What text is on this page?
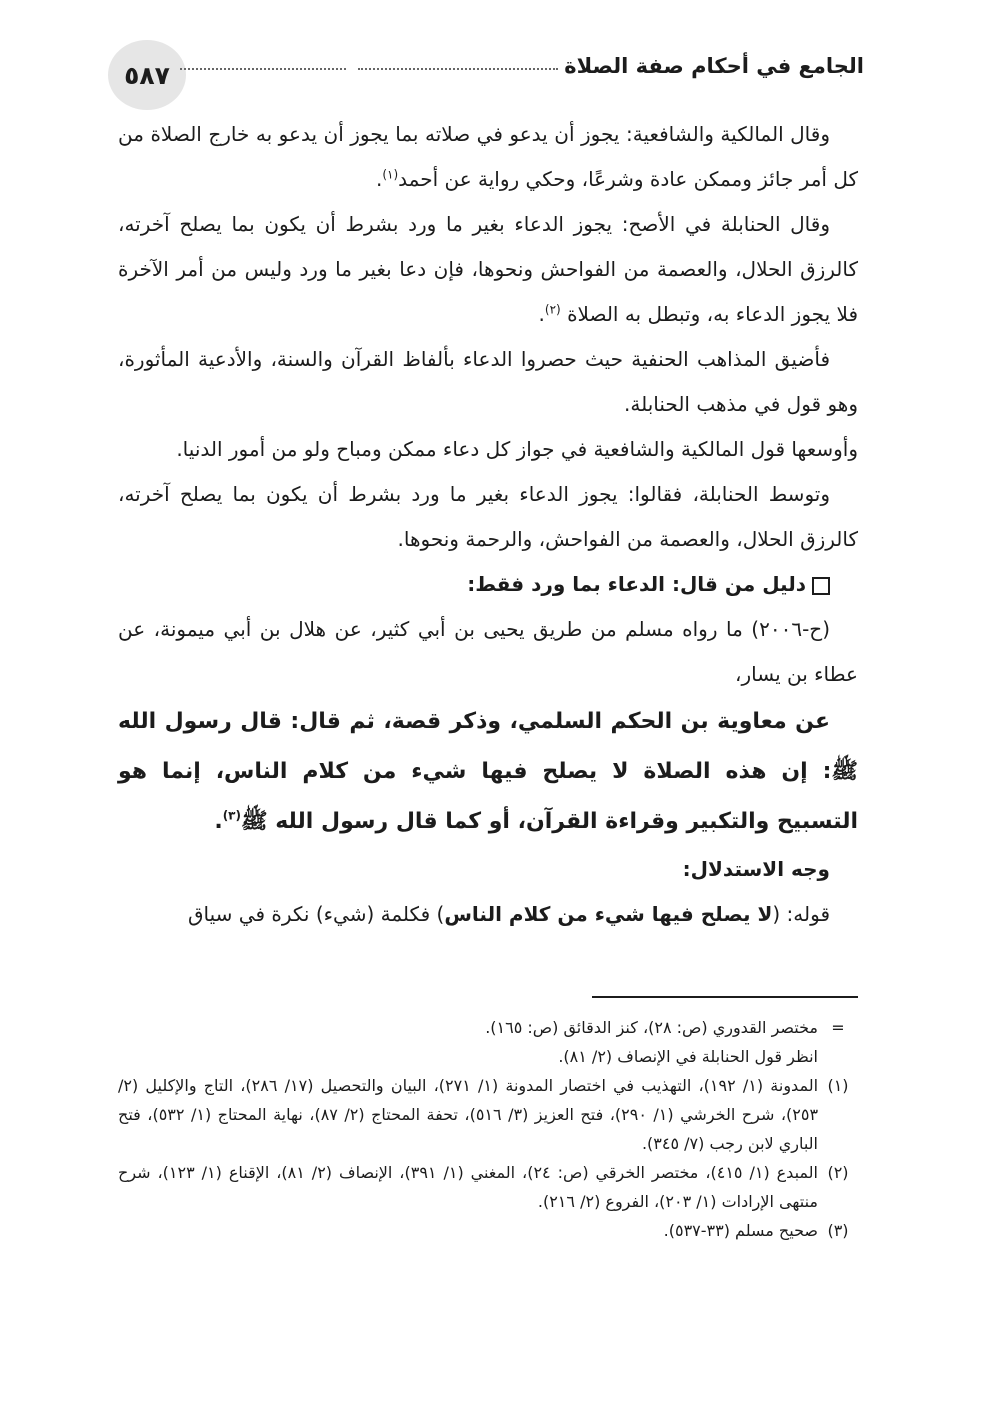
٥٨٧	الجامع في أحكام صفة الصلاة

وقال المالكية والشافعية: يجوز أن يدعو في صلاته بما يجوز أن يدعو به خارج الصلاة من كل أمر جائز وممكن عادة وشرعًا، وحكي رواية عن أحمد$^{(١)}$.

وقال الحنابلة في الأصح: يجوز الدعاء بغير ما ورد بشرط أن يكون بما يصلح آخرته، كالرزق الحلال، والعصمة من الفواحش ونحوها، فإن دعا بغير ما ورد وليس من أمر الآخرة فلا يجوز الدعاء به، وتبطل به الصلاة $^{(٢)}$.

فأضيق المذاهب الحنفية حيث حصروا الدعاء بألفاظ القرآن والسنة، والأدعية المأثورة، وهو قول في مذهب الحنابلة.

وأوسعها قول المالكية والشافعية في جواز كل دعاء ممكن ومباح ولو من أمور الدنيا.

وتوسط الحنابلة، فقالوا: يجوز الدعاء بغير ما ورد بشرط أن يكون بما يصلح آخرته، كالرزق الحلال، والعصمة من الفواحش، والرحمة ونحوها.

دليل من قال: الدعاء بما ورد فقط:

(ح-٢٠٠٦) ما رواه مسلم من طريق يحيى بن أبي كثير، عن هلال بن أبي ميمونة، عن عطاء بن يسار،

عن معاوية بن الحكم السلمي، وذكر قصة، ثم قال: قال رسول الله ﷺ: إن هذه الصلاة لا يصلح فيها شيء من كلام الناس، إنما هو التسبيح والتكبير وقراءة القرآن، أو كما قال رسول الله ﷺ$^{(٣)}$.

وجه الاستدلال:

قوله: (لا يصلح فيها شيء من كلام الناس) فكلمة (شيء) نكرة في سياق

=
مختصر القدوري (ص: ٢٨)، كنز الدقائق (ص: ١٦٥).
انظر قول الحنابلة في الإنصاف (٢/ ٨١).
(١)
المدونة (١/ ١٩٢)، التهذيب في اختصار المدونة (١/ ٢٧١)، البيان والتحصيل (١٧/ ٢٨٦)، التاج والإكليل (٢/ ٢٥٣)، شرح الخرشي (١/ ٢٩٠)، فتح العزيز (٣/ ٥١٦)، تحفة المحتاج (٢/ ٨٧)، نهاية المحتاج (١/ ٥٣٢)، فتح الباري لابن رجب (٧/ ٣٤٥).
(٢)
المبدع (١/ ٤١٥)، مختصر الخرقي (ص: ٢٤)، المغني (١/ ٣٩١)، الإنصاف (٢/ ٨١)، الإقناع (١/ ١٢٣)، شرح منتهى الإرادات (١/ ٢٠٣)، الفروع (٢/ ٢١٦).
(٣)
صحيح مسلم (٣٣-٥٣٧).
